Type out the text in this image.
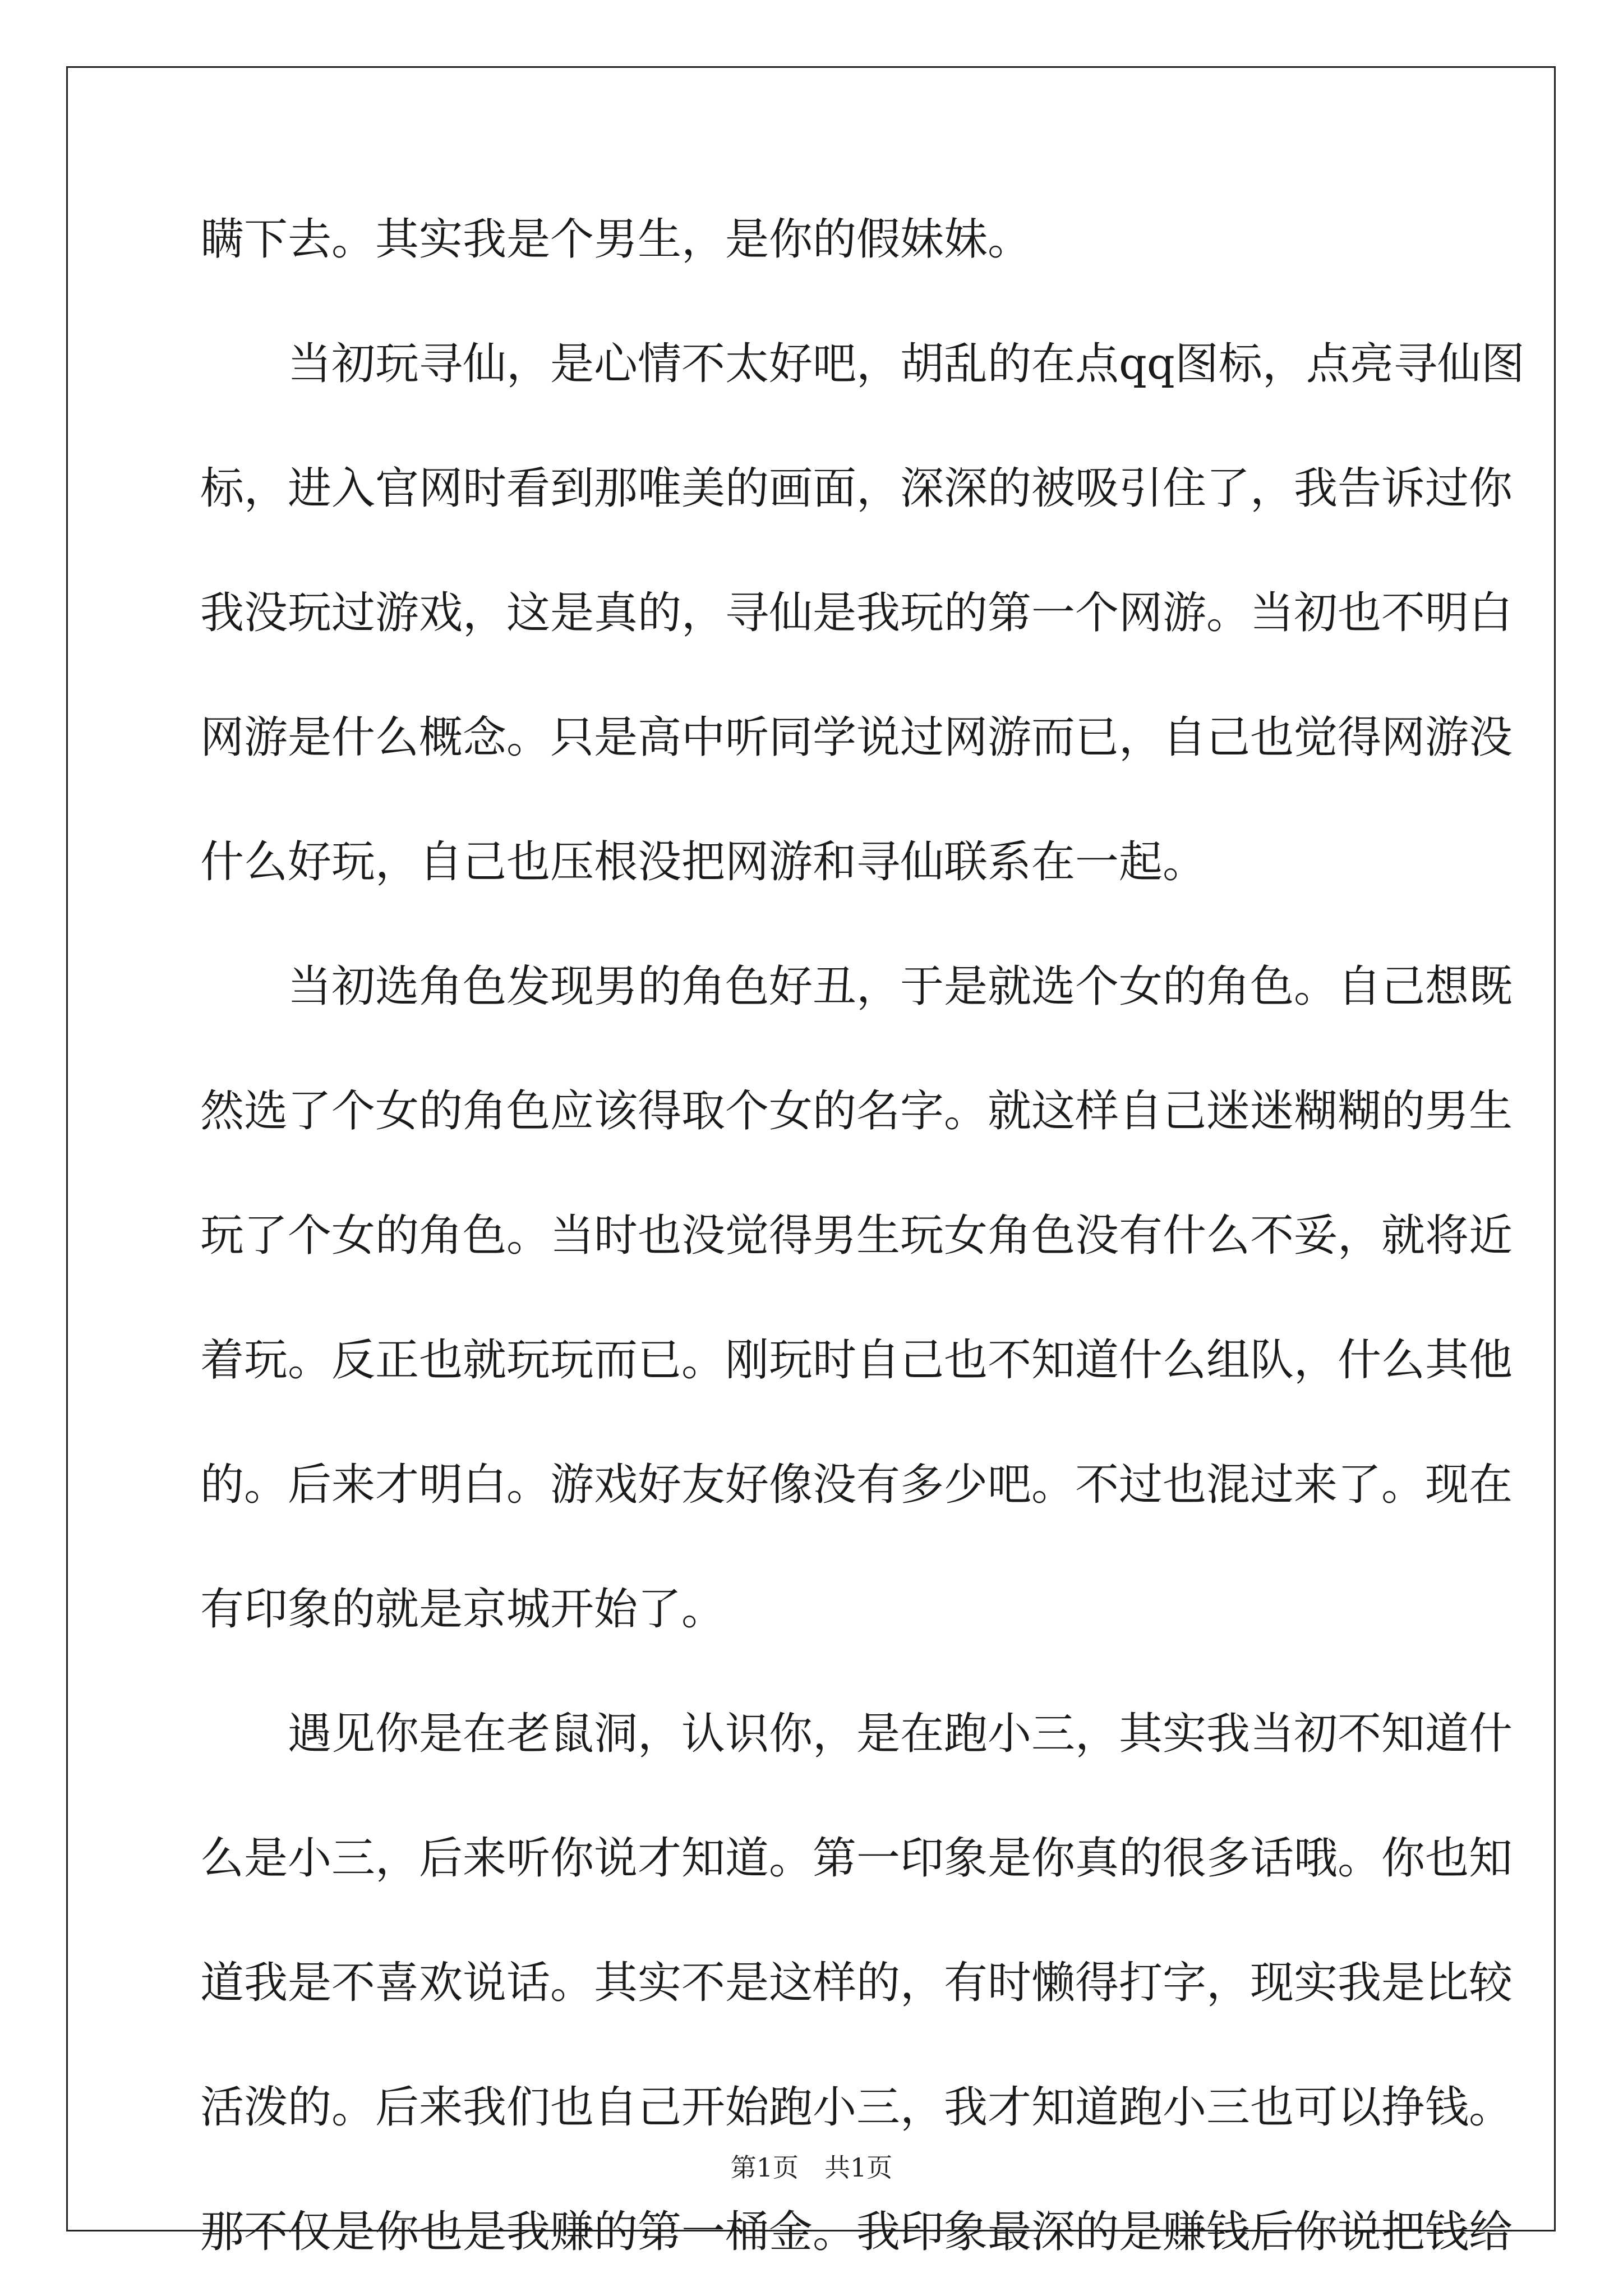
瞒下去。其实我是个男生，是你的假妹妹。
　　当初玩寻仙，是心情不太好吧，胡乱的在点qq图标，点亮寻仙图
标，进入官网时看到那唯美的画面，深深的被吸引住了，我告诉过你
我没玩过游戏，这是真的，寻仙是我玩的第一个网游。当初也不明白
网游是什么概念。只是高中听同学说过网游而已，自己也觉得网游没
什么好玩，自己也压根没把网游和寻仙联系在一起。
　　当初选角色发现男的角色好丑，于是就选个女的角色。自己想既
然选了个女的角色应该得取个女的名字。就这样自己迷迷糊糊的男生
玩了个女的角色。当时也没觉得男生玩女角色没有什么不妥，就将近
着玩。反正也就玩玩而已。刚玩时自己也不知道什么组队，什么其他
的。后来才明白。游戏好友好像没有多少吧。不过也混过来了。现在
有印象的就是京城开始了。
　　遇见你是在老鼠洞，认识你，是在跑小三，其实我当初不知道什
么是小三，后来听你说才知道。第一印象是你真的很多话哦。你也知
道我是不喜欢说话。其实不是这样的，有时懒得打字，现实我是比较
活泼的。后来我们也自己开始跑小三，我才知道跑小三也可以挣钱。
那不仅是你也是我赚的第一桶金。我印象最深的是赚钱后你说把钱给
第1页　共1页
